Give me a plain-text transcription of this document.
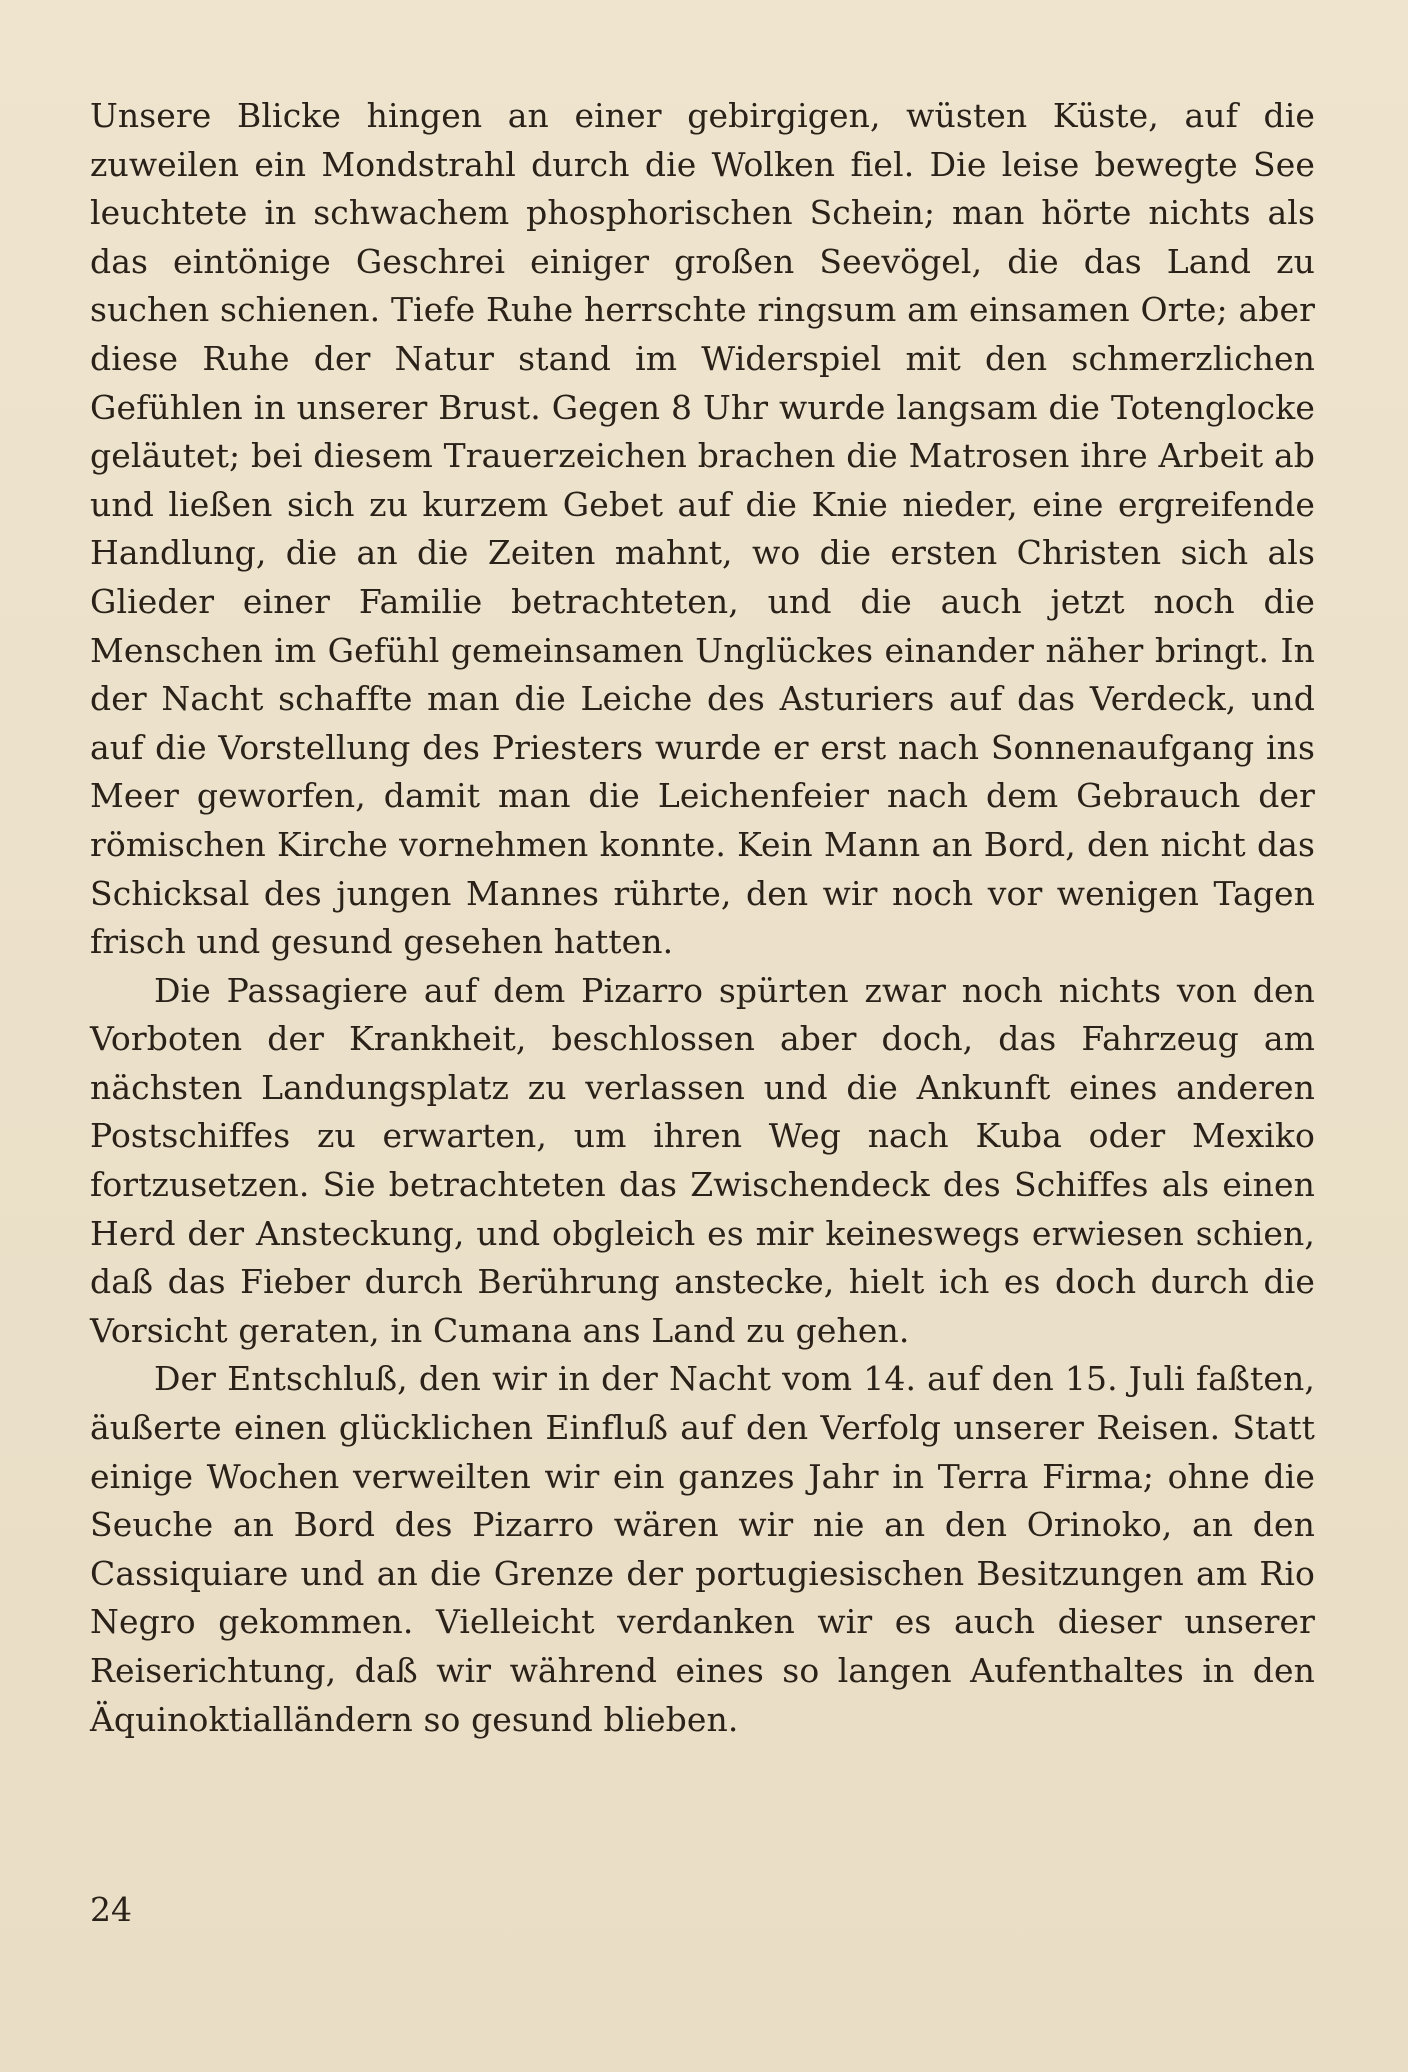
Unsere Blicke hingen an einer gebirgigen, wüsten Küste, auf die zuweilen ein Mondstrahl durch die Wolken fiel. Die leise bewegte See leuchtete in schwachem phosphorischen Schein; man hörte nichts als das eintönige Geschrei einiger großen Seevögel, die das Land zu suchen schienen. Tiefe Ruhe herrschte ringsum am einsamen Orte; aber diese Ruhe der Natur stand im Widerspiel mit den schmerzlichen Gefühlen in unserer Brust. Gegen 8 Uhr wurde langsam die Totenglocke geläutet; bei diesem Trauerzeichen brachen die Matrosen ihre Arbeit ab und ließen sich zu kurzem Gebet auf die Knie nieder, eine ergreifende Handlung, die an die Zeiten mahnt, wo die ersten Christen sich als Glieder einer Familie betrachteten, und die auch jetzt noch die Menschen im Gefühl gemeinsamen Unglückes einander näher bringt. In der Nacht schaffte man die Leiche des Asturiers auf das Verdeck, und auf die Vorstellung des Priesters wurde er erst nach Sonnenaufgang ins Meer geworfen, damit man die Leichenfeier nach dem Gebrauch der römischen Kirche vornehmen konnte. Kein Mann an Bord, den nicht das Schicksal des jungen Mannes rührte, den wir noch vor wenigen Tagen frisch und gesund gesehen hatten.

Die Passagiere auf dem Pizarro spürten zwar noch nichts von den Vorboten der Krankheit, beschlossen aber doch, das Fahrzeug am nächsten Landungsplatz zu verlassen und die Ankunft eines anderen Postschiffes zu erwarten, um ihren Weg nach Kuba oder Mexiko fortzusetzen. Sie betrachteten das Zwischendeck des Schiffes als einen Herd der Ansteckung, und obgleich es mir keineswegs erwiesen schien, daß das Fieber durch Berührung anstecke, hielt ich es doch durch die Vorsicht geraten, in Cumana ans Land zu gehen.

Der Entschluß, den wir in der Nacht vom 14. auf den 15. Juli faßten, äußerte einen glücklichen Einfluß auf den Verfolg unserer Reisen. Statt einige Wochen verweilten wir ein ganzes Jahr in Terra Firma; ohne die Seuche an Bord des Pizarro wären wir nie an den Orinoko, an den Cassiquiare und an die Grenze der portugiesischen Besitzungen am Rio Negro gekommen. Vielleicht verdanken wir es auch dieser unserer Reiserichtung, daß wir während eines so langen Aufenthaltes in den Äquinoktialländern so gesund blieben.

24
